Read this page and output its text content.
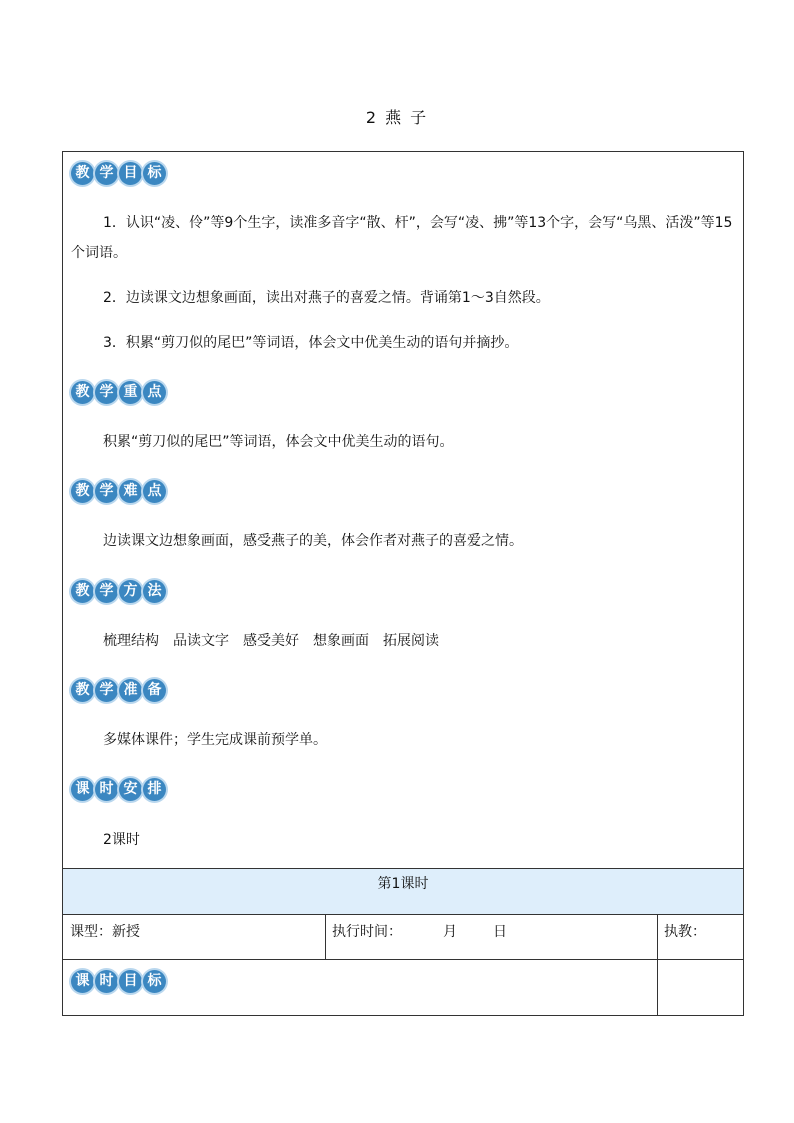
2 燕 子
教 学 目 标
1．认识“凌、伶”等9个生字，读准多音字“散、杆”，会写“凌、拂”等13个字，会写“乌黑、活泼”等15个词语。
2．边读课文边想象画面，读出对燕子的喜爱之情。背诵第1～3自然段。
3．积累“剪刀似的尾巴”等词语，体会文中优美生动的语句并摘抄。
教 学 重 点
积累“剪刀似的尾巴”等词语，体会文中优美生动的语句。
教 学 难 点
边读课文边想象画面，感受燕子的美，体会作者对燕子的喜爱之情。
教 学 方 法
梳理结构　品读文字　感受美好　想象画面　拓展阅读
教 学 准 备
多媒体课件；学生完成课前预学单。
课 时 安 排
2课时
第1课时
课型：新授	执行时间：	月	日	执教：
课 时 目 标
